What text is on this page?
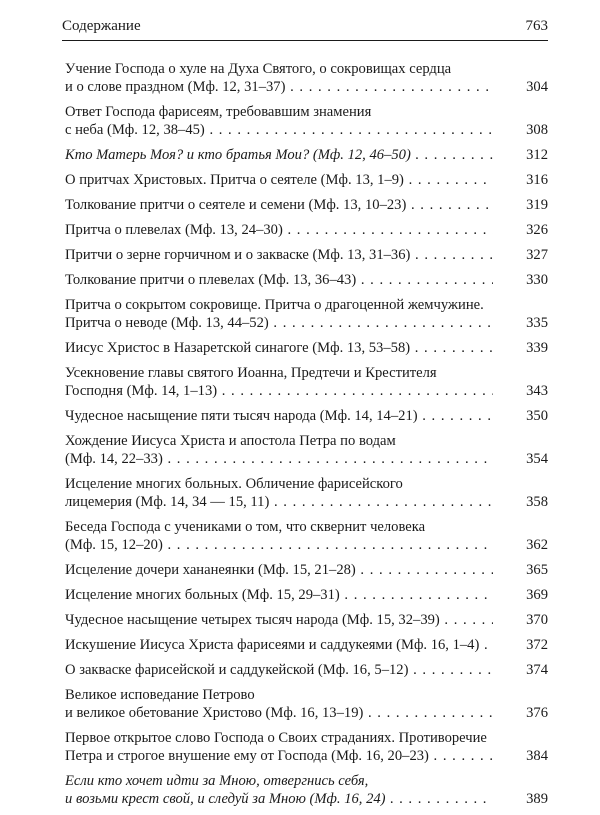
Содержание	763
Учение Господа о хуле на Духа Святого, о сокровищах сердца
и о слове праздном (Мф. 12, 31–37) . . .	304
Ответ Господа фарисеям, требовавшим знамения
с неба (Мф. 12, 38–45) . . .	308
Кто Матерь Моя? и кто братья Мои? (Мф. 12, 46–50) . . .	312
О притчах Христовых. Притча о сеятеле (Мф. 13, 1–9) . . .	316
Толкование притчи о сеятеле и семени (Мф. 13, 10–23) . . .	319
Притча о плевелах (Мф. 13, 24–30) . . .	326
Притчи о зерне горчичном и о закваске (Мф. 13, 31–36) . . .	327
Толкование притчи о плевелах (Мф. 13, 36–43) . . .	330
Притча о сокрытом сокровище. Притча о драгоценной жемчужине.
Притча о неводе (Мф. 13, 44–52) . . .	335
Иисус Христос в Назаретской синагоге (Мф. 13, 53–58) . . .	339
Усекновение главы святого Иоанна, Предтечи и Крестителя
Господня (Мф. 14, 1–13) . . .	343
Чудесное насыщение пяти тысяч народа (Мф. 14, 14–21) . . .	350
Хождение Иисуса Христа и апостола Петра по водам
(Мф. 14, 22–33) . . .	354
Исцеление многих больных. Обличение фарисейского
лицемерия (Мф. 14, 34 — 15, 11) . . .	358
Беседа Господа с учениками о том, что сквернит человека
(Мф. 15, 12–20) . . .	362
Исцеление дочери хананеянки (Мф. 15, 21–28) . . .	365
Исцеление многих больных (Мф. 15, 29–31) . . .	369
Чудесное насыщение четырех тысяч народа (Мф. 15, 32–39) . . .	370
Искушение Иисуса Христа фарисеями и саддукеями (Мф. 16, 1–4) . . .	372
О закваске фарисейской и саддукейской (Мф. 16, 5–12) . . .	374
Великое исповедание Петрово
и великое обетование Христово (Мф. 16, 13–19) . . .	376
Первое открытое слово Господа о Своих страданиях. Противоречие
Петра и строгое внушение ему от Господа (Мф. 16, 20–23) . . .	384
Если кто хочет идти за Мною, отвергнись себя,
и возьми крест свой, и следуй за Мною (Мф. 16, 24) . . .	389
